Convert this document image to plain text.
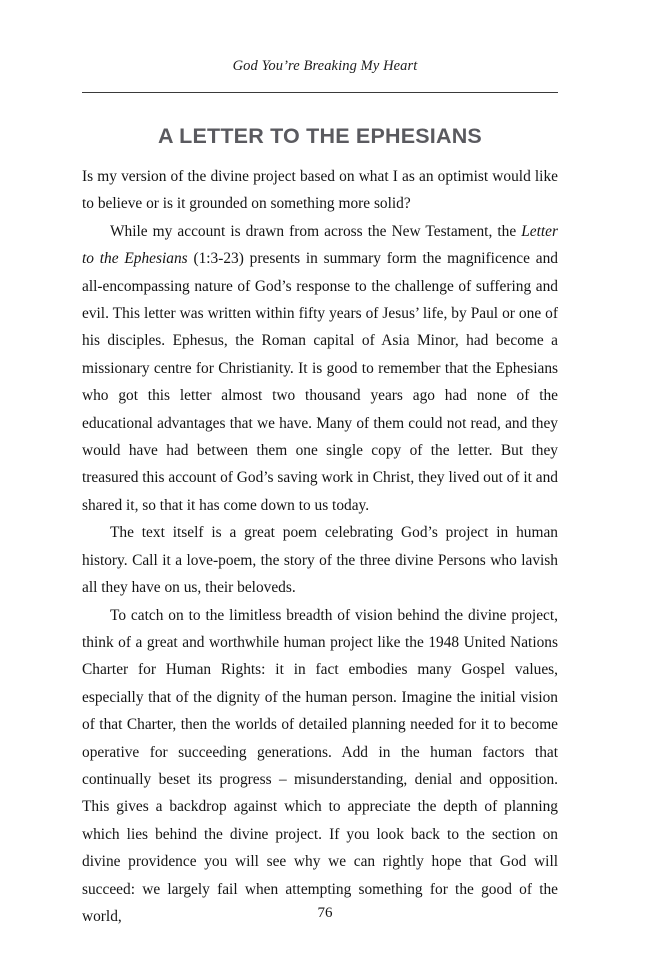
God You’re Breaking My Heart
A LETTER TO THE EPHESIANS

Is my version of the divine project based on what I as an optimist would like to believe or is it grounded on something more solid?

While my account is drawn from across the New Testament, the Letter to the Ephesians (1:3-23) presents in summary form the magnificence and all-encompassing nature of God’s response to the challenge of suffering and evil. This letter was written within fifty years of Jesus’ life, by Paul or one of his disciples. Ephesus, the Roman capital of Asia Minor, had become a missionary centre for Christianity. It is good to remember that the Ephesians who got this letter almost two thousand years ago had none of the educational advantages that we have. Many of them could not read, and they would have had between them one single copy of the letter. But they treasured this account of God’s saving work in Christ, they lived out of it and shared it, so that it has come down to us today.

The text itself is a great poem celebrating God’s project in human history. Call it a love-poem, the story of the three divine Persons who lavish all they have on us, their beloveds.

To catch on to the limitless breadth of vision behind the divine project, think of a great and worthwhile human project like the 1948 United Nations Charter for Human Rights: it in fact embodies many Gospel values, especially that of the dignity of the human person. Imagine the initial vision of that Charter, then the worlds of detailed planning needed for it to become operative for succeeding generations. Add in the human factors that continually beset its progress – misunderstanding, denial and opposition. This gives a backdrop against which to appreciate the depth of planning which lies behind the divine project. If you look back to the section on divine providence you will see why we can rightly hope that God will succeed: we largely fail when attempting something for the good of the world,	76
